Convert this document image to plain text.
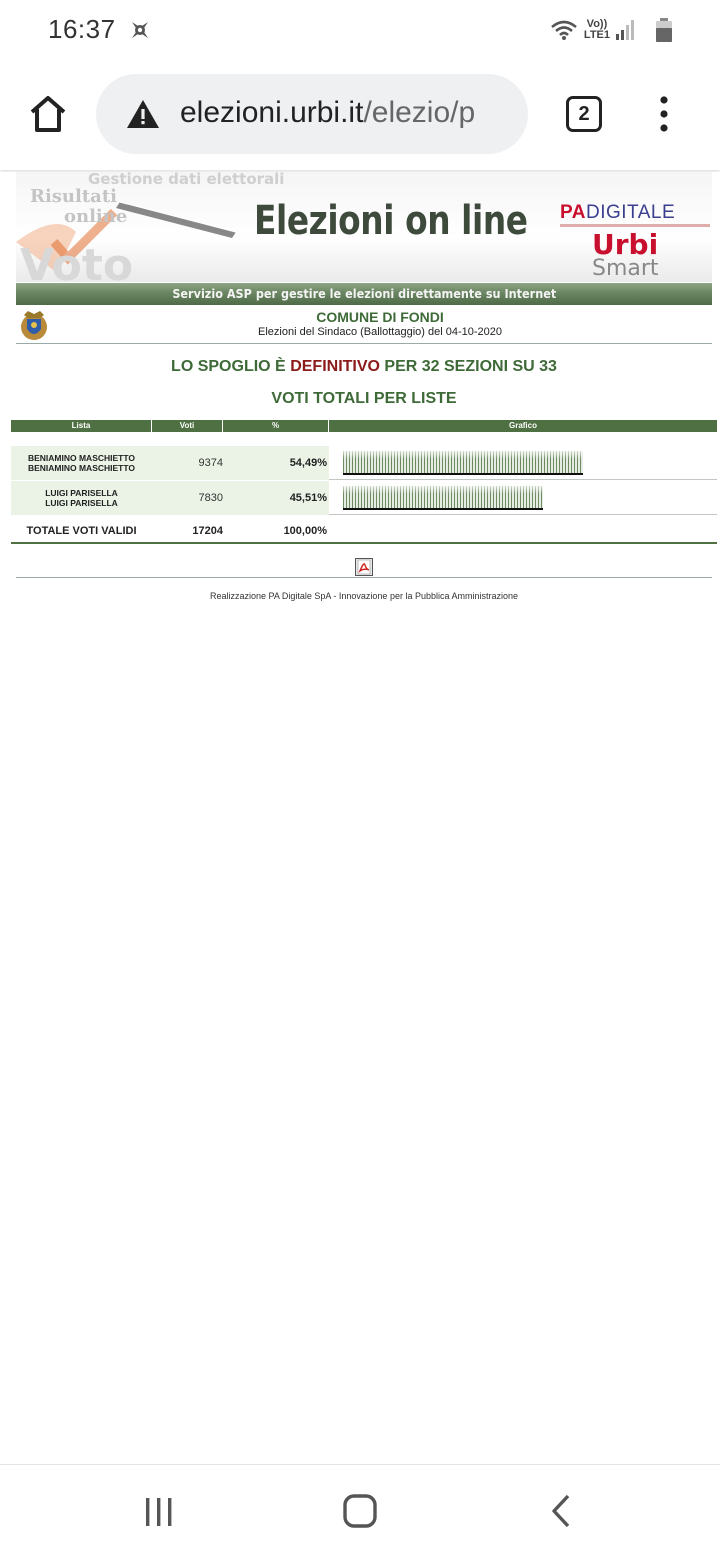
16:37	Vo))
LTE1
elezioni.urbi.it/elezio/p	2
Voto
Gestione dati elettorali
Risultati
online	Elezioni on line PADIGITALE
Urbi
Smart
Servizio ASP per gestire le elezioni direttamente su Internet
COMUNE DI FONDI
Elezioni del Sindaco (Ballottaggio) del 04-10-2020
LO SPOGLIO È DEFINITIVO PER 32 SEZIONI SU 33
VOTI TOTALI PER LISTE
Lista	Voti	%	Grafico
BENIAMINO MASCHIETTO
BENIAMINO MASCHIETTO	9374	54,49%
LUIGI PARISELLA
LUIGI PARISELLA	7830	45,51%
TOTALE VOTI VALIDI	17204	100,00%
Realizzazione PA Digitale SpA - Innovazione per la Pubblica Amministrazione
